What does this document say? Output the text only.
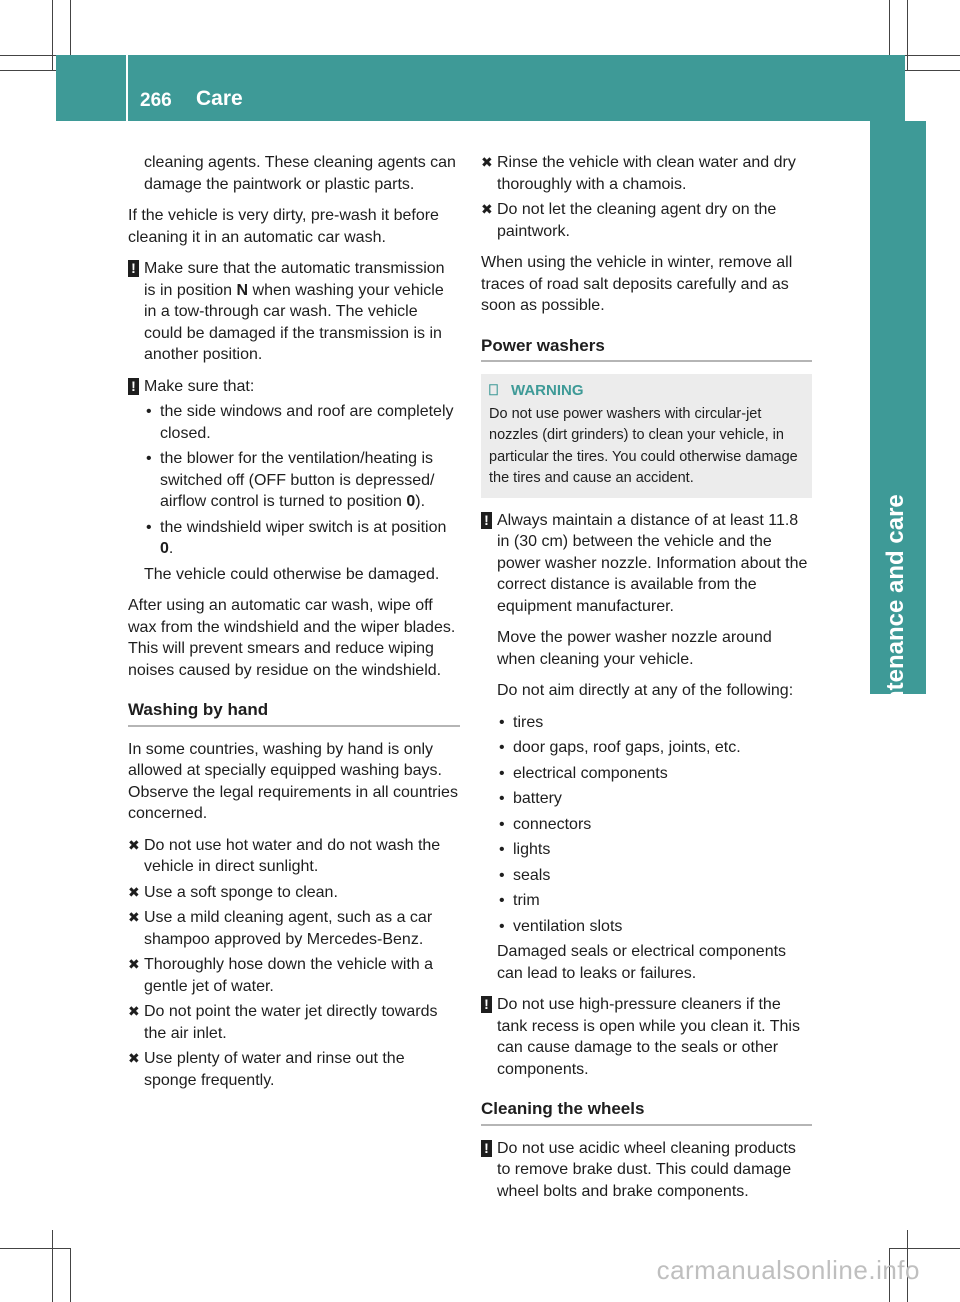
266 Care
Maintenance and care

cleaning agents. These cleaning agents can damage the paintwork or plastic parts.

If the vehicle is very dirty, pre-wash it before cleaning it in an automatic car wash.

! Make sure that the automatic transmission is in position N when washing your vehicle in a tow-through car wash. The vehicle could be damaged if the transmission is in another position.
! Make sure that:
• the side windows and roof are completely closed.
• the blower for the ventilation/heating is switched off (OFF button is depressed/ airflow control is turned to position 0).
• the windshield wiper switch is at position 0.

The vehicle could otherwise be damaged.

After using an automatic car wash, wipe off wax from the windshield and the wiper blades. This will prevent smears and reduce wiping noises caused by residue on the windshield.

Washing by hand

In some countries, washing by hand is only allowed at specially equipped washing bays. Observe the legal requirements in all countries concerned.

✖ Do not use hot water and do not wash the vehicle in direct sunlight.
✖ Use a soft sponge to clean.
✖ Use a mild cleaning agent, such as a car shampoo approved by Mercedes-Benz.
✖ Thoroughly hose down the vehicle with a gentle jet of water.
✖ Do not point the water jet directly towards the air inlet.
✖ Use plenty of water and rinse out the sponge frequently.
✖ Rinse the vehicle with clean water and dry thoroughly with a chamois.
✖ Do not let the cleaning agent dry on the paintwork.

When using the vehicle in winter, remove all traces of road salt deposits carefully and as soon as possible.

Power washers
⎕ WARNING
Do not use power washers with circular-jet nozzles (dirt grinders) to clean your vehicle, in particular the tires. You could otherwise damage the tires and cause an accident.
! Always maintain a distance of at least 11.8 in (30 cm) between the vehicle and the power washer nozzle. Information about the correct distance is available from the equipment manufacturer.

Move the power washer nozzle around when cleaning your vehicle.

Do not aim directly at any of the following:

• tires
• door gaps, roof gaps, joints, etc.
• electrical components
• battery
• connectors
• lights
• seals
• trim
• ventilation slots

Damaged seals or electrical components can lead to leaks or failures.

! Do not use high-pressure cleaners if the tank recess is open while you clean it. This can cause damage to the seals or other components.
Cleaning the wheels
! Do not use acidic wheel cleaning products to remove brake dust. This could damage wheel bolts and brake components.
carmanualsonline.info
